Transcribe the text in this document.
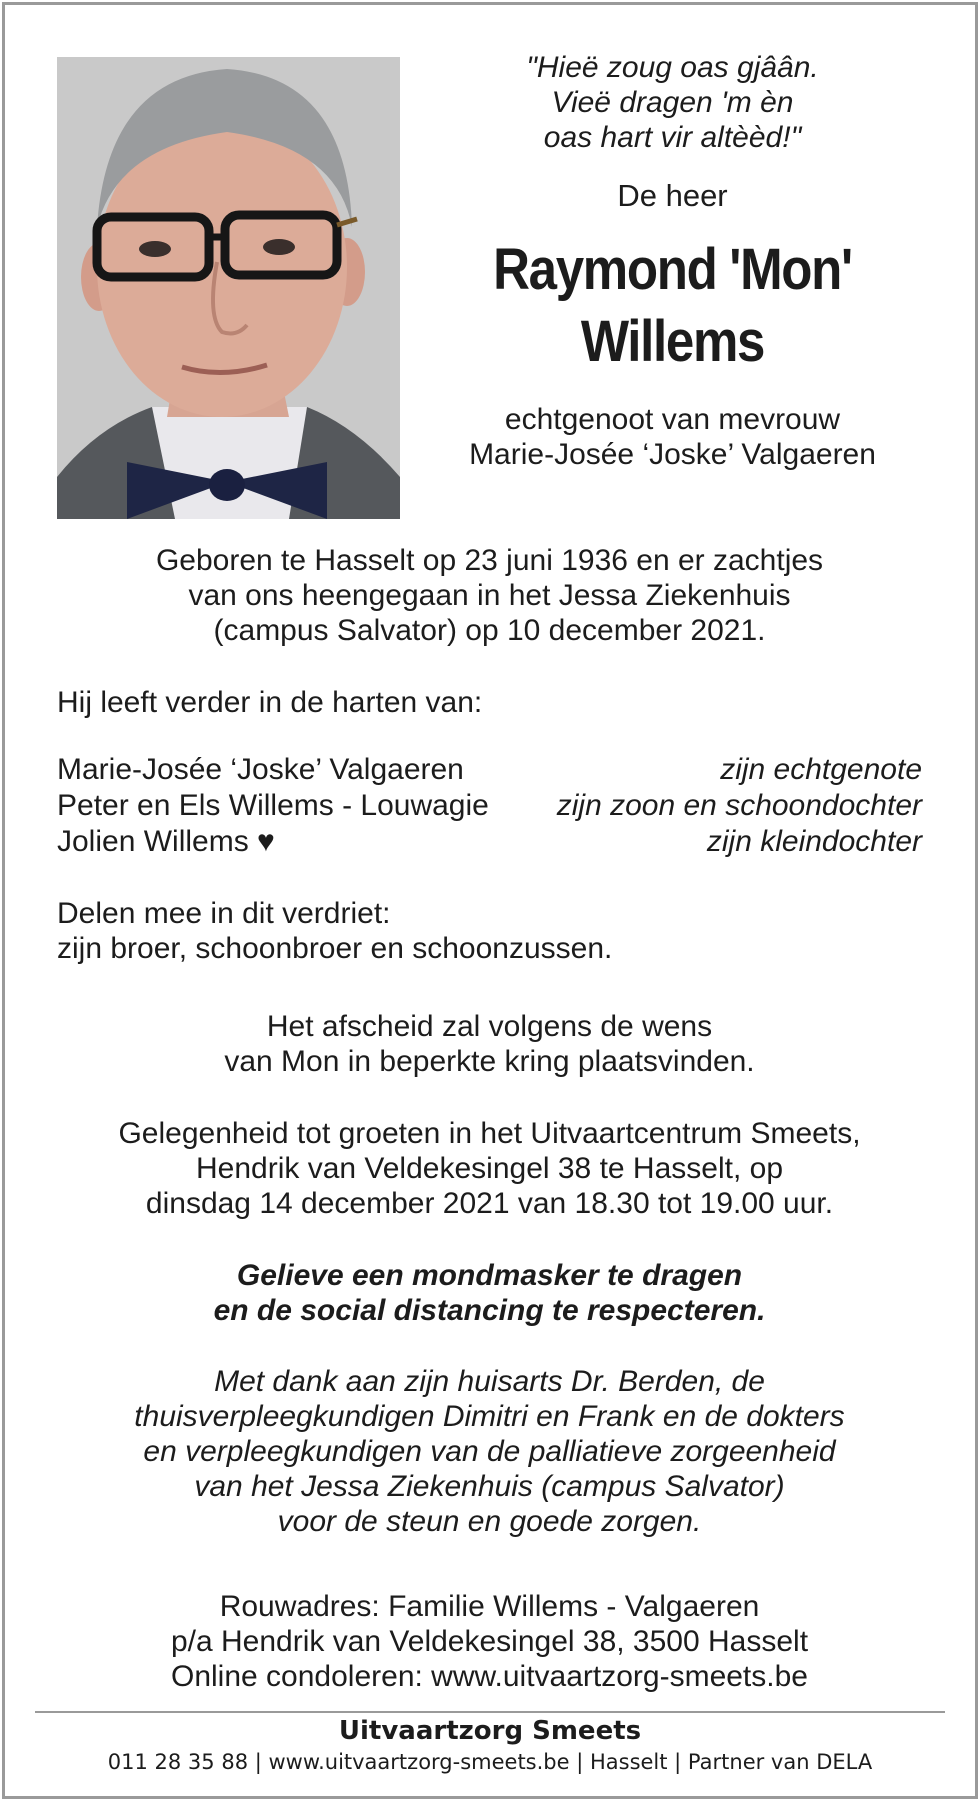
"Hieë zoug oas gjâân.
Vieë dragen 'm èn
oas hart vir altèèd!"

De heer

Raymond 'Mon'
Willems

echtgenoot van mevrouw
Marie-Josée ‘Joske’ Valgaeren

Geboren te Hasselt op 23 juni 1936 en er zachtjes
van ons heengegaan in het Jessa Ziekenhuis
(campus Salvator) op 10 december 2021.
Hij leeft verder in de harten van:
Marie-Josée ‘Joske’ Valgaeren	zijn echtgenote
Peter en Els Willems - Louwagie zijn zoon en schoondochter
Jolien Willems ♥	zijn kleindochter
Delen mee in dit verdriet:
zijn broer, schoonbroer en schoonzussen.
Het afscheid zal volgens de wens
van Mon in beperkte kring plaatsvinden.
Gelegenheid tot groeten in het Uitvaartcentrum Smeets,
Hendrik van Veldekesingel 38 te Hasselt, op
dinsdag 14 december 2021 van 18.30 tot 19.00 uur.
Gelieve een mondmasker te dragen
en de social distancing te respecteren.
Met dank aan zijn huisarts Dr. Berden, de
thuisverpleegkundigen Dimitri en Frank en de dokters
en verpleegkundigen van de palliatieve zorgeenheid
van het Jessa Ziekenhuis (campus Salvator)
voor de steun en goede zorgen.
Rouwadres: Familie Willems - Valgaeren
p/a Hendrik van Veldekesingel 38, 3500 Hasselt
Online condoleren: www.uitvaartzorg-smeets.be
Uitvaartzorg Smeets
011 28 35 88 | www.uitvaartzorg-smeets.be | Hasselt | Partner van DELA
